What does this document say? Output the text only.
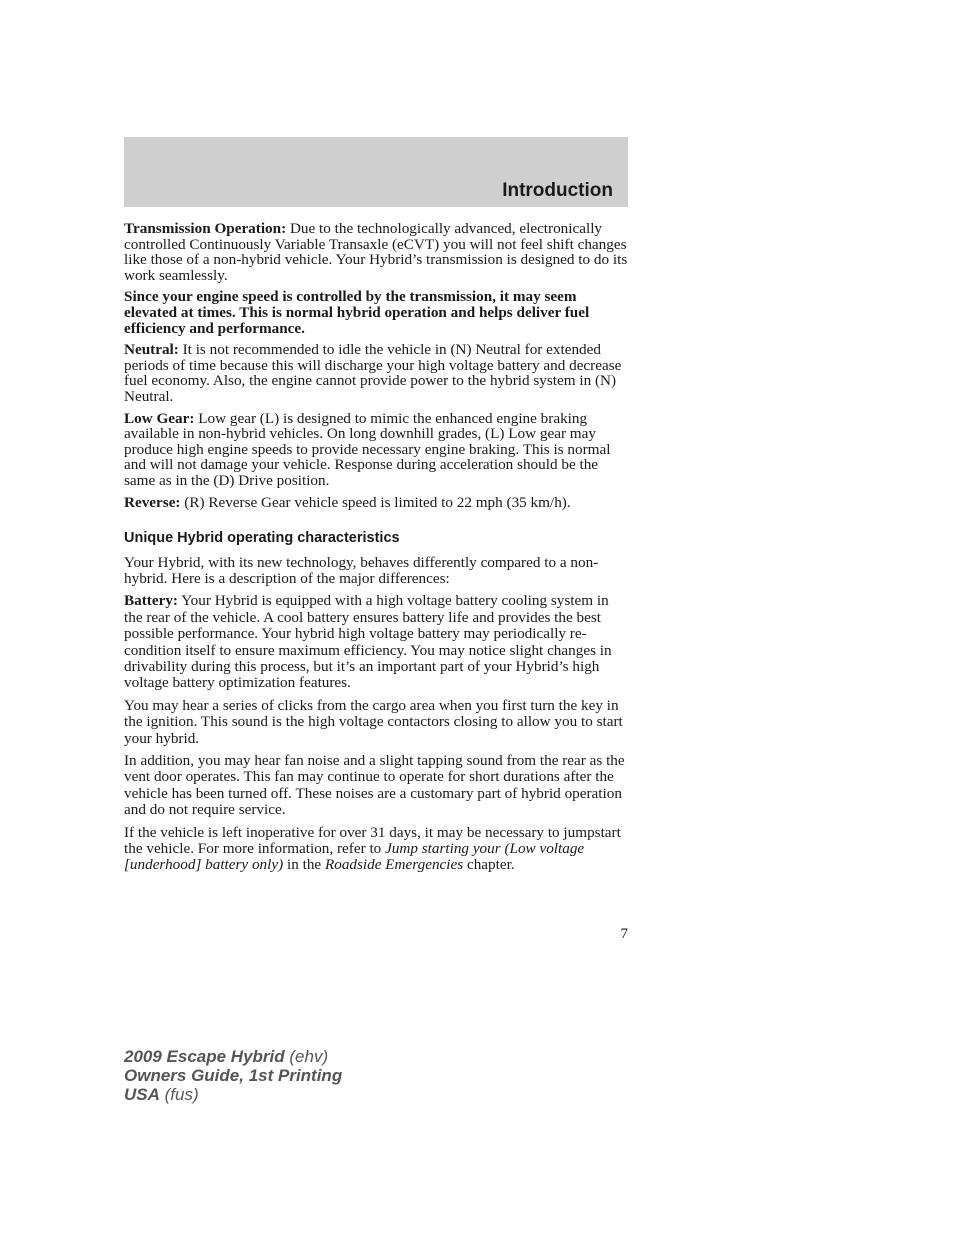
Introduction

Transmission Operation: Due to the technologically advanced, electronically controlled Continuously Variable Transaxle (eCVT) you will not feel shift changes like those of a non-hybrid vehicle. Your Hybrid’s transmission is designed to do its work seamlessly.

Since your engine speed is controlled by the transmission, it may seem elevated at times. This is normal hybrid operation and helps deliver fuel efficiency and performance.

Neutral: It is not recommended to idle the vehicle in (N) Neutral for extended periods of time because this will discharge your high voltage battery and decrease fuel economy. Also, the engine cannot provide power to the hybrid system in (N) Neutral.

Low Gear: Low gear (L) is designed to mimic the enhanced engine braking available in non-hybrid vehicles. On long downhill grades, (L) Low gear may produce high engine speeds to provide necessary engine braking. This is normal and will not damage your vehicle. Response during acceleration should be the same as in the (D) Drive position.

Reverse: (R) Reverse Gear vehicle speed is limited to 22 mph (35 km/h).

Unique Hybrid operating characteristics

Your Hybrid, with its new technology, behaves differently compared to a non-hybrid. Here is a description of the major differences:

Battery: Your Hybrid is equipped with a high voltage battery cooling system in the rear of the vehicle. A cool battery ensures battery life and provides the best possible performance. Your hybrid high voltage battery may periodically re-condition itself to ensure maximum efficiency. You may notice slight changes in drivability during this process, but it’s an important part of your Hybrid’s high voltage battery optimization features.

You may hear a series of clicks from the cargo area when you first turn the key in the ignition. This sound is the high voltage contactors closing to allow you to start your hybrid.

In addition, you may hear fan noise and a slight tapping sound from the rear as the vent door operates. This fan may continue to operate for short durations after the vehicle has been turned off. These noises are a customary part of hybrid operation and do not require service.

If the vehicle is left inoperative for over 31 days, it may be necessary to jumpstart the vehicle. For more information, refer to Jump starting your (Low voltage [underhood] battery only) in the Roadside Emergencies chapter.

7
2009 Escape Hybrid (ehv)
Owners Guide, 1st Printing
USA (fus)
